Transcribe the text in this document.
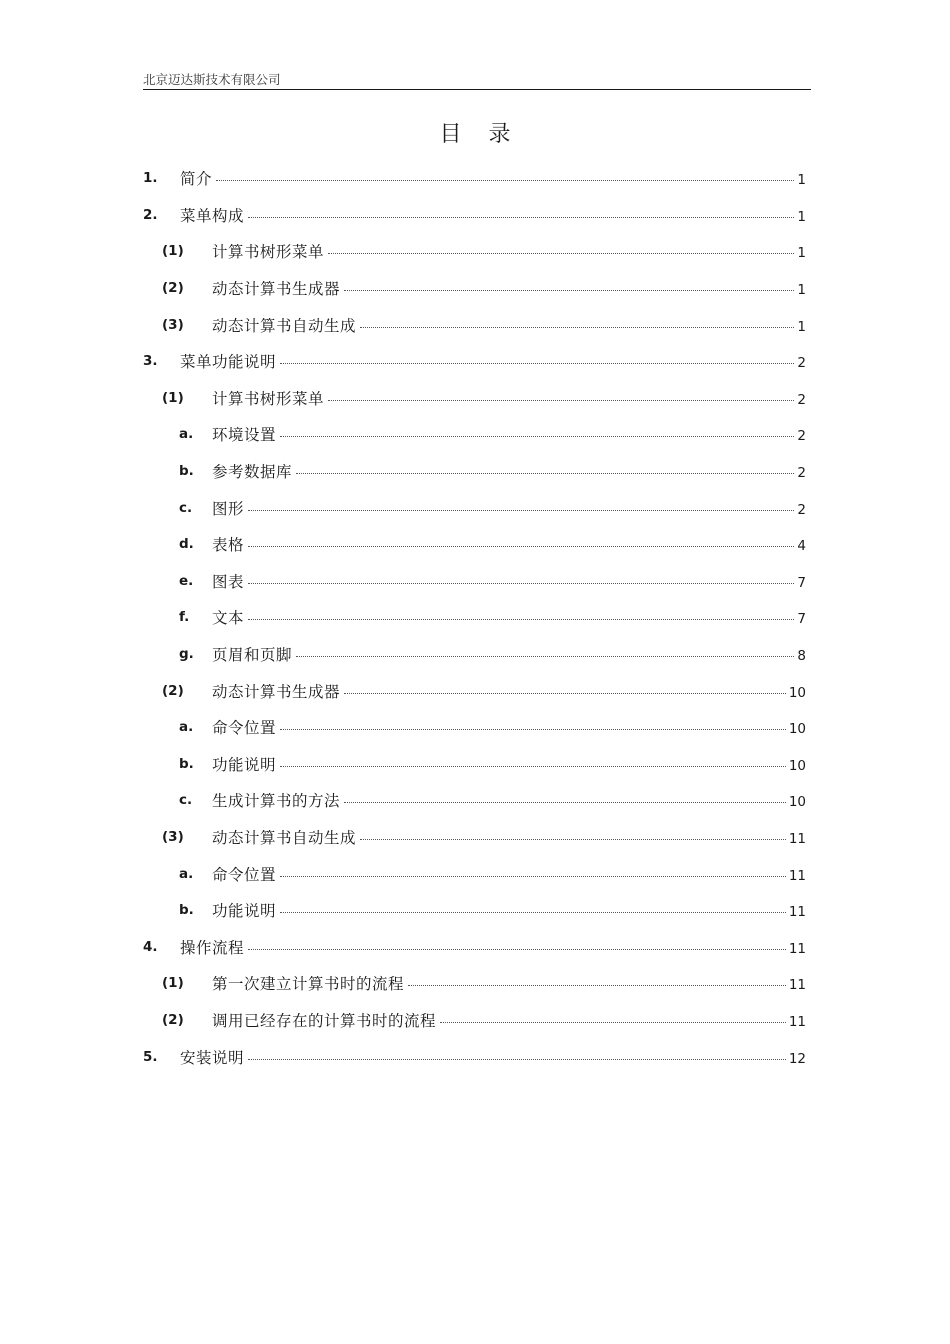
北京迈达斯技术有限公司
目 录
1. 简介	1
2. 菜单构成	1
(1) 计算书树形菜单	1
(2) 动态计算书生成器	1
(3) 动态计算书自动生成	1
3. 菜单功能说明	2
(1) 计算书树形菜单	2
a. 环境设置	2
b. 参考数据库	2
c. 图形	2
d. 表格	4
e. 图表	7
f. 文本	7
g. 页眉和页脚	8
(2) 动态计算书生成器	10
a. 命令位置	10
b. 功能说明	10
c. 生成计算书的方法	10
(3) 动态计算书自动生成	11
a. 命令位置	11
b. 功能说明	11
4. 操作流程	11
(1) 第一次建立计算书时的流程	11
(2) 调用已经存在的计算书时的流程	11
5. 安装说明	12
